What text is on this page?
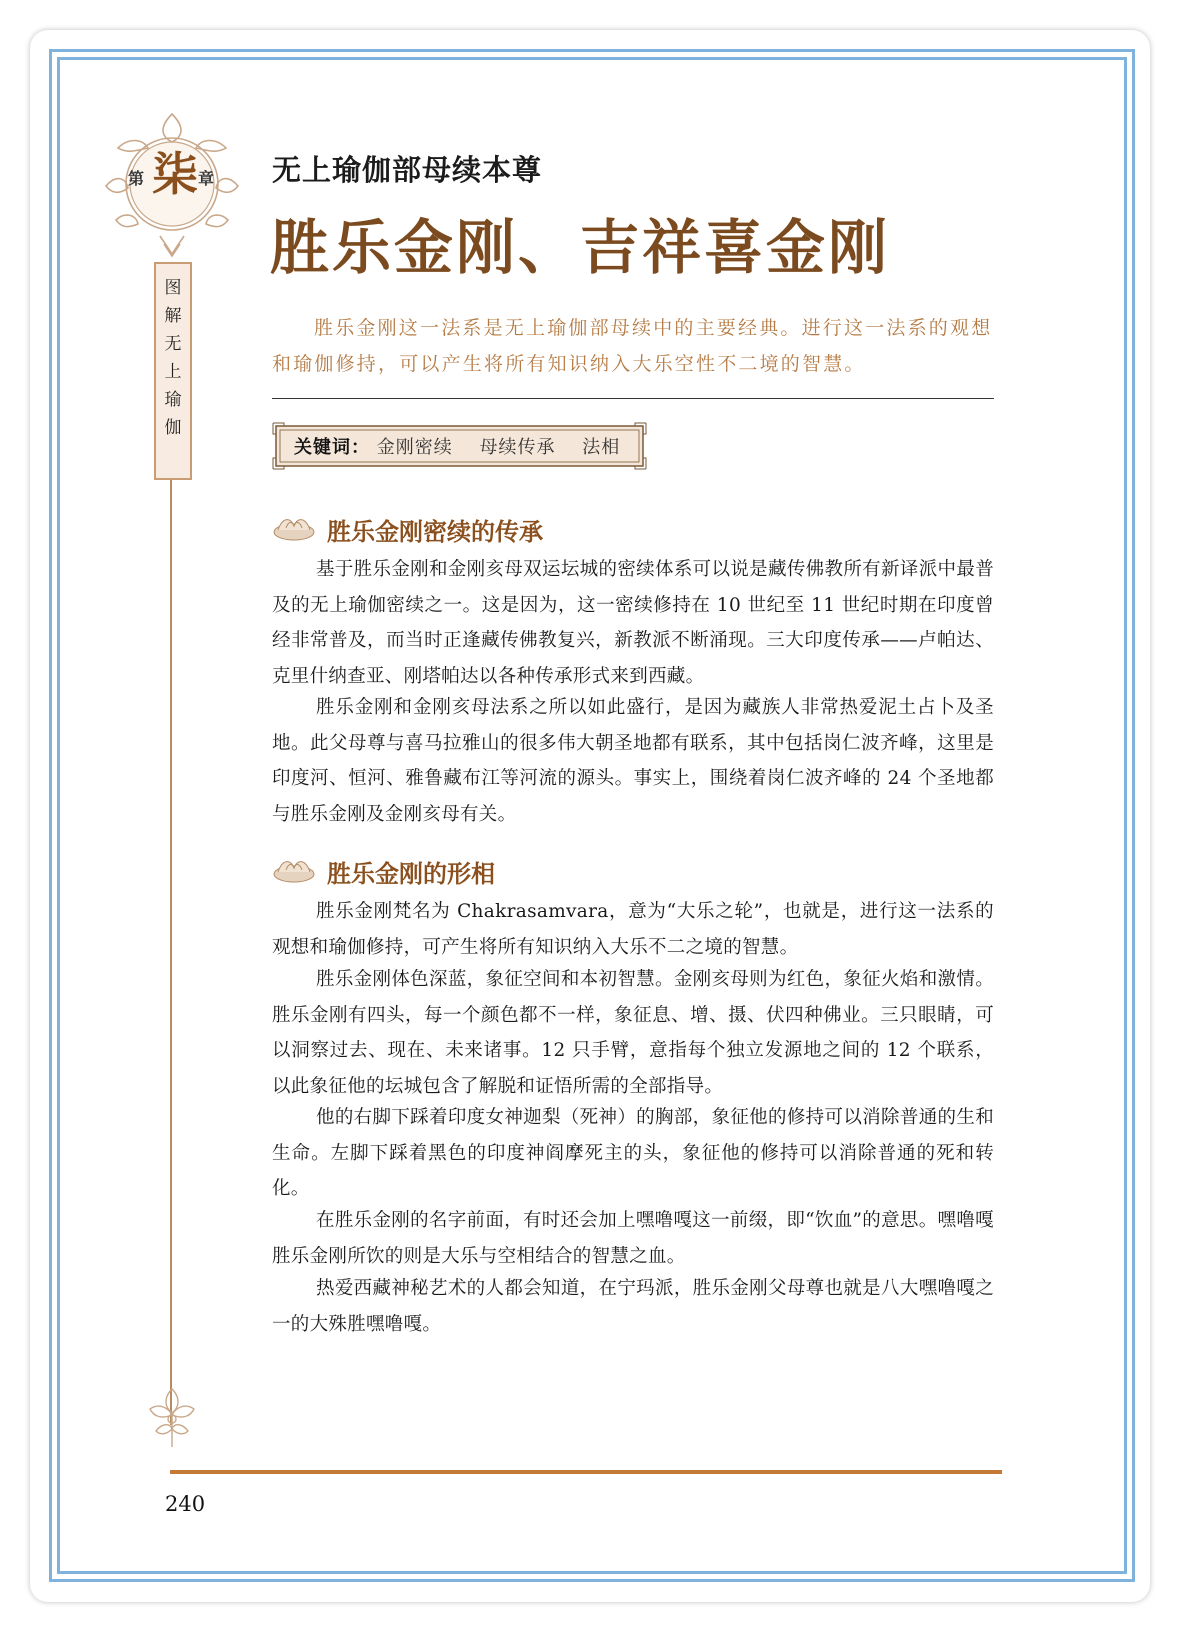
第 柒 章
图
解
无
上
瑜
伽
无上瑜伽部母续本尊
胜乐金刚、吉祥喜金刚
胜乐金刚这一法系是无上瑜伽部母续中的主要经典。进行这一法系的观想和瑜伽修持，可以产生将所有知识纳入大乐空性不二境的智慧。
关键词： 金刚密续 母续传承 法相
胜乐金刚密续的传承
基于胜乐金刚和金刚亥母双运坛城的密续体系可以说是藏传佛教所有新译派中最普及的无上瑜伽密续之一。这是因为，这一密续修持在 10 世纪至 11 世纪时期在印度曾经非常普及，而当时正逢藏传佛教复兴，新教派不断涌现。三大印度传承——卢帕达、克里什纳查亚、刚塔帕达以各种传承形式来到西藏。
胜乐金刚和金刚亥母法系之所以如此盛行，是因为藏族人非常热爱泥土占卜及圣地。此父母尊与喜马拉雅山的很多伟大朝圣地都有联系，其中包括岗仁波齐峰，这里是印度河、恒河、雅鲁藏布江等河流的源头。事实上，围绕着岗仁波齐峰的 24 个圣地都与胜乐金刚及金刚亥母有关。
胜乐金刚的形相
胜乐金刚梵名为 Chakrasamvara，意为“大乐之轮”，也就是，进行这一法系的观想和瑜伽修持，可产生将所有知识纳入大乐不二之境的智慧。
胜乐金刚体色深蓝，象征空间和本初智慧。金刚亥母则为红色，象征火焰和激情。胜乐金刚有四头，每一个颜色都不一样，象征息、增、摄、伏四种佛业。三只眼睛，可以洞察过去、现在、未来诸事。12 只手臂，意指每个独立发源地之间的 12 个联系，以此象征他的坛城包含了解脱和证悟所需的全部指导。
他的右脚下踩着印度女神迦梨（死神）的胸部，象征他的修持可以消除普通的生和生命。左脚下踩着黑色的印度神阎摩死主的头，象征他的修持可以消除普通的死和转化。
在胜乐金刚的名字前面，有时还会加上嘿噜嘎这一前缀，即“饮血”的意思。嘿噜嘎胜乐金刚所饮的则是大乐与空相结合的智慧之血。
热爱西藏神秘艺术的人都会知道，在宁玛派，胜乐金刚父母尊也就是八大嘿噜嘎之一的大殊胜嘿噜嘎。
240
